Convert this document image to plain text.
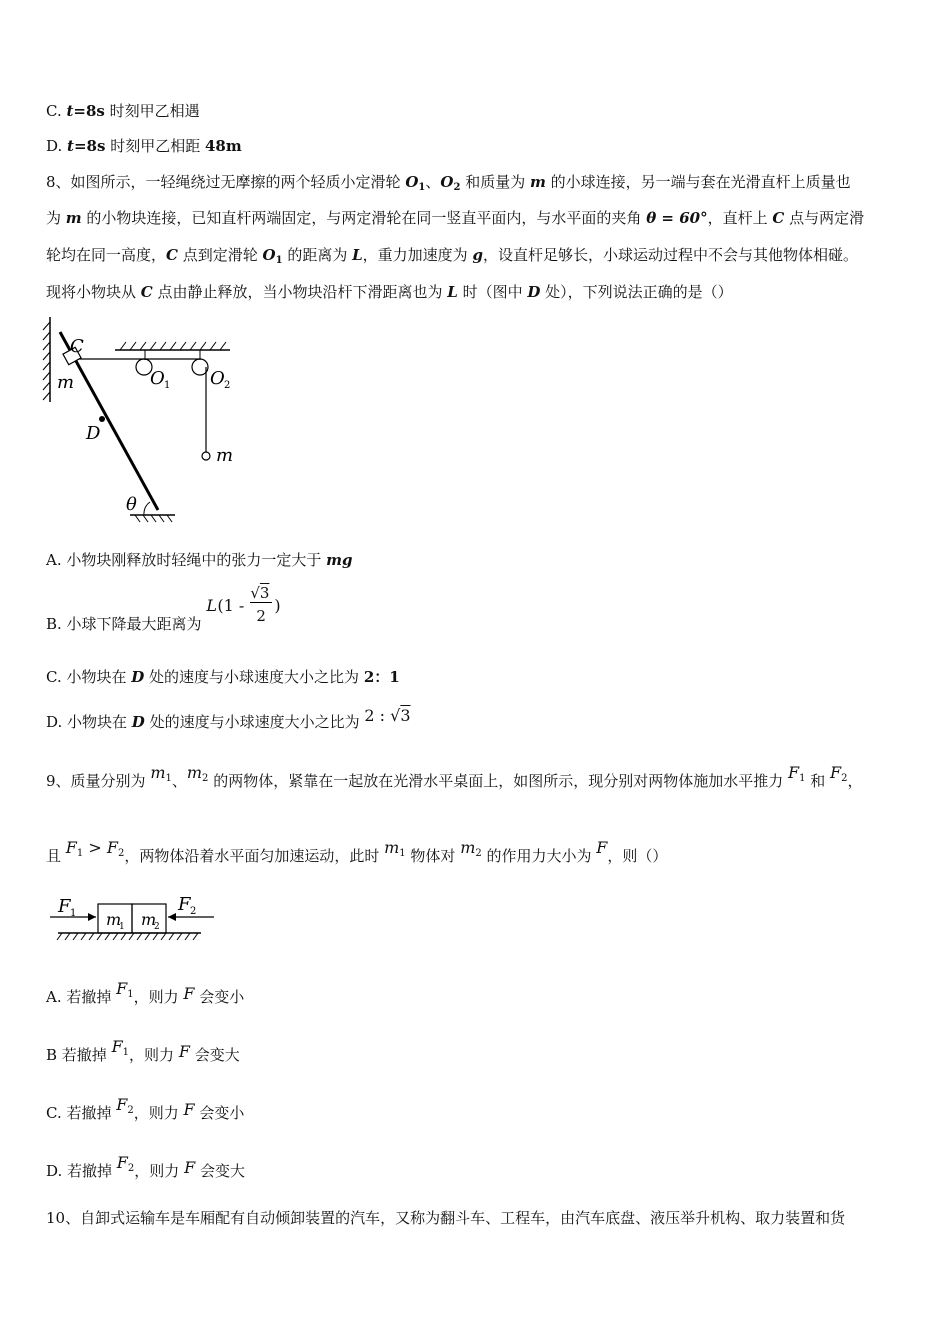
C. t=8s 时刻甲乙相遇
D. t=8s 时刻甲乙相距 48m
8、如图所示，一轻绳绕过无摩擦的两个轻质小定滑轮 $O_1$、$O_2$ 和质量为 m 的小球连接，另一端与套在光滑直杆上质量也
为 m 的小物块连接，已知直杆两端固定，与两定滑轮在同一竖直平面内，与水平面的夹角 θ = 60°，直杆上 C 点与两定滑
轮均在同一高度，C 点到定滑轮 $O_1$ 的距离为 L，重力加速度为 g，设直杆足够长，小球运动过程中不会与其他物体相碰。
现将小物块从 C 点由静止释放，当小物块沿杆下滑距离也为 L 时（图中 D 处），下列说法正确的是（）
C
m
D
O 1 O 2
m
θ
A. 小物块刚释放时轻绳中的张力一定大于 mg
B. 小球下降最大距离为
L (1 -
√3
2
)
C. 小物块在 D 处的速度与小球速度大小之比为 2：1
D. 小物块在 D 处的速度与小球速度大小之比为 2 : √3
9、质量分别为 $m_1$、$m_2$ 的两物体，紧靠在一起放在光滑水平桌面上，如图所示，现分别对两物体施加水平推力 $F_1$ 和 $F_2$，
且 $F_1 > F_2$，两物体沿着水平面匀加速运动，此时 $m_1$ 物体对 $m_2$ 的作用力大小为 F，则（）
F 1	F 2
m
1 m
2
A. 若撤掉 $F_1$，则力 F 会变小
B 若撤掉 $F_1$，则力 F 会变大
C. 若撤掉 $F_2$，则力 F 会变小
D. 若撤掉 $F_2$，则力 F 会变大
10、自卸式运输车是车厢配有自动倾卸装置的汽车，又称为翻斗车、工程车，由汽车底盘、液压举升机构、取力装置和货
